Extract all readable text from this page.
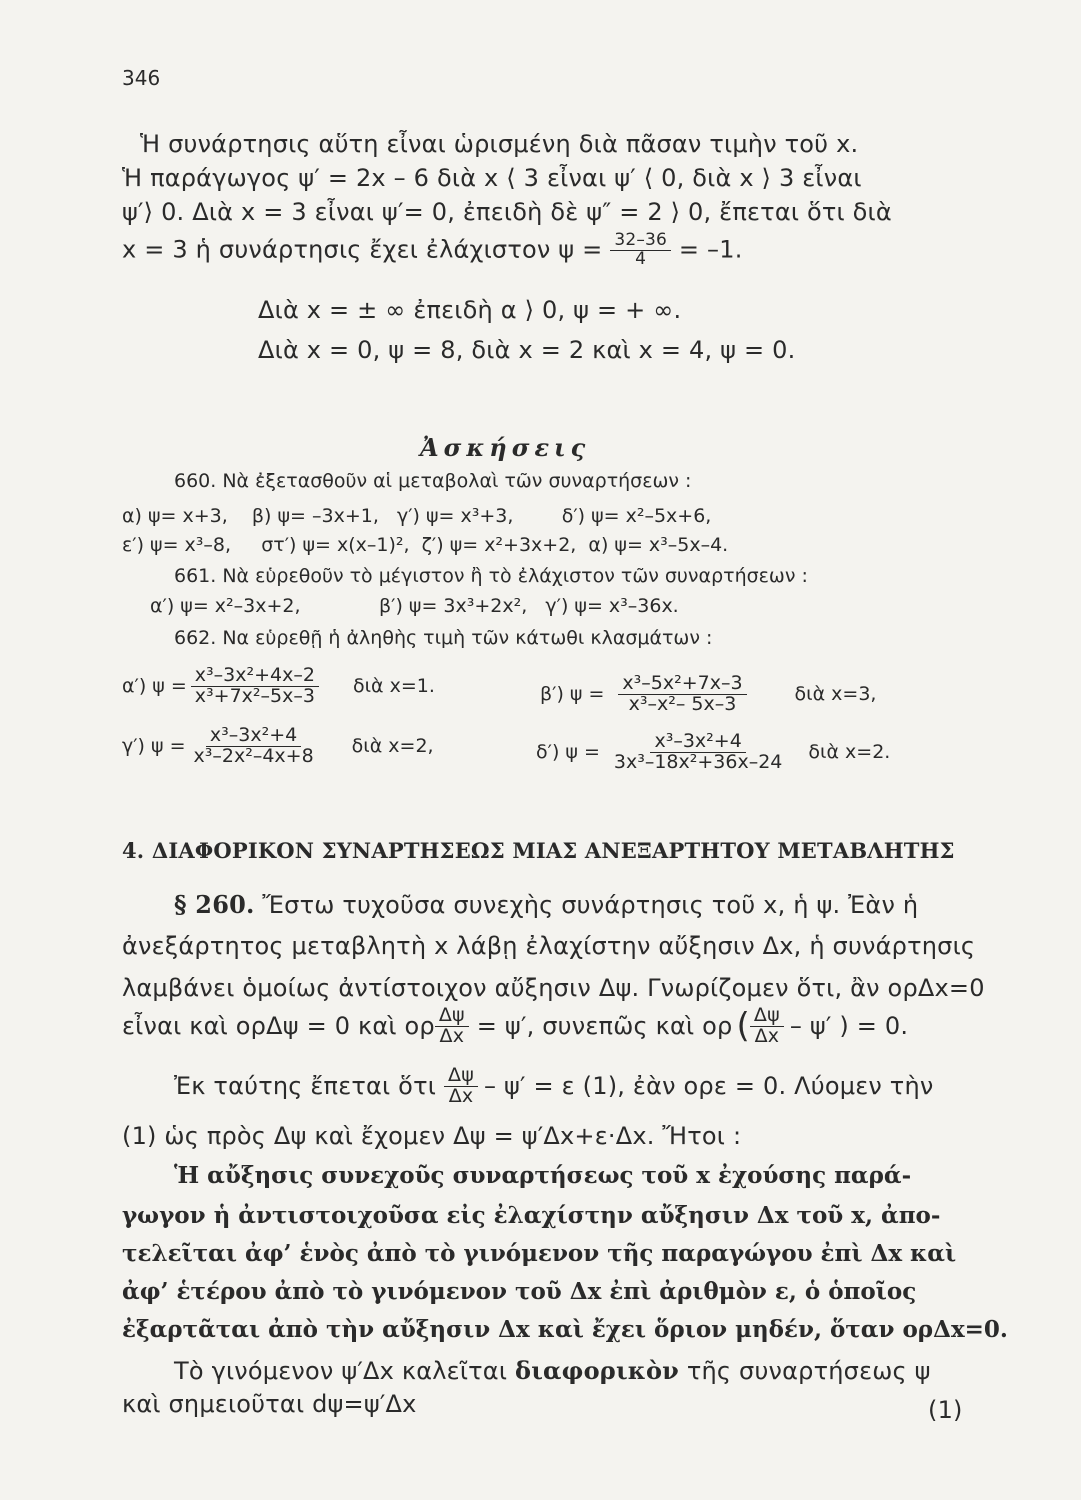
346
Ἡ συνάρτησις αὕτη εἶναι ὡρισμένη διὰ πᾶσαν τιμὴν τοῦ x.
Ἡ παράγωγος ψ′ = 2x – 6 διὰ x ⟨ 3 εἶναι ψ′ ⟨ 0, διὰ x ⟩ 3 εἶναι
ψ′⟩ 0. Διὰ x = 3 εἶναι ψ′= 0, ἐπειδὴ δὲ ψ″ = 2 ⟩ 0, ἔπεται ὅτι διὰ
x = 3 ἡ συνάρτησις ἔχει ἐλάχιστον $\psi = \frac{32-36}{4} = -1$.
Διὰ x = ± ∞ ἐπειδὴ α ⟩ 0, ψ = + ∞.
Διὰ x = 0, ψ = 8, διὰ x = 2 καὶ x = 4, ψ = 0.
Ἀσκήσεις
660. Νὰ ἐξετασθοῦν αἱ μεταβολαὶ τῶν συναρτήσεων :
α) ψ= x+3,    β) ψ= –3x+1,   γ′) ψ= x³+3,        δ′) ψ= x²–5x+6,
ε′) ψ= x³–8,     στ′) ψ= x(x–1)²,  ζ′) ψ= x²+3x+2,  α) ψ= x³–5x–4.
661. Νὰ εὑρεθοῦν τὸ μέγιστον ἢ τὸ ἐλάχιστον τῶν συναρτήσεων :
α′) ψ= x²–3x+2,             β′) ψ= 3x³+2x²,   γ′) ψ= x³–36x.
662. Να εὑρεθῇ ἡ ἀληθὴς τιμὴ τῶν κάτωθι κλασμάτων :
α′) $\psi = \frac{\text{x³–3x²+4x–2}}{\text{x³+7x²–5x–3}}$ διὰ x=1.	β′) $\psi = \frac{\text{x³–5x²+7x–3}}{\text{x³–x²– 5x–3}}$	διὰ x=3,
γ′) $\psi = \frac{\text{x³–3x²+4}}{\text{x³–2x²–4x+8}}$ διὰ x=2,	δ′) $\psi = \frac{\text{x³–3x²+4}}{\text{3x³–18x²+36x–24}}$ διὰ x=2.
4. ΔΙΑΦΟΡΙΚΟΝ ΣΥΝΑΡΤΗΣΕΩΣ ΜΙΑΣ ΑΝΕΞΑΡΤΗΤΟΥ ΜΕΤΑΒΛΗΤΗΣ
§ 260. Ἔστω τυχοῦσα συνεχὴς συνάρτησις τοῦ x, ἡ ψ. Ἐὰν ἡ
ἀνεξάρτητος μεταβλητὴ x λάβῃ ἐλαχίστην αὔξησιν Δx, ἡ συνάρτησις
λαμβάνει ὁμοίως ἀντίστοιχον αὔξησιν Δψ. Γνωρίζομεν ὅτι, ἂν ορΔx=0
εἶναι καὶ ορΔψ = 0 καὶ ορ $\frac{\Delta\psi}{\Delta x} = \psi'$, συνεπῶς καὶ ορ ( $\frac{\Delta\psi}{\Delta x} - \psi'$ ) = 0.
Ἐκ ταύτης ἔπεται ὅτι $\frac{\Delta\psi}{\Delta x} - \psi' = \varepsilon$ (1), ἐὰν ορε = 0. Λύομεν τὴν
(1) ὡς πρὸς Δψ καὶ ἔχομεν Δψ = ψ′Δx+ε·Δx. Ἤτοι :
Ἡ αὔξησις συνεχοῦς συναρτήσεως τοῦ x ἐχούσης παρά-
γωγον ἡ ἀντιστοιχοῦσα εἰς ἐλαχίστην αὔξησιν Δx τοῦ x, ἀπο-
τελεῖται ἀφ’ ἑνὸς ἀπὸ τὸ γινόμενον τῆς παραγώγου ἐπὶ Δx καὶ
ἀφ’ ἑτέρου ἀπὸ τὸ γινόμενον τοῦ Δx ἐπὶ ἀριθμὸν ε, ὁ ὁποῖος
ἐξαρτᾶται ἀπὸ τὴν αὔξησιν Δx καὶ ἔχει ὅριον μηδέν, ὅταν ορΔx=0.
Τὸ γινόμενον ψ′Δx καλεῖται διαφορικὸν τῆς συναρτήσεως ψ
καὶ σημειοῦται dψ=ψ′Δx	(1)
